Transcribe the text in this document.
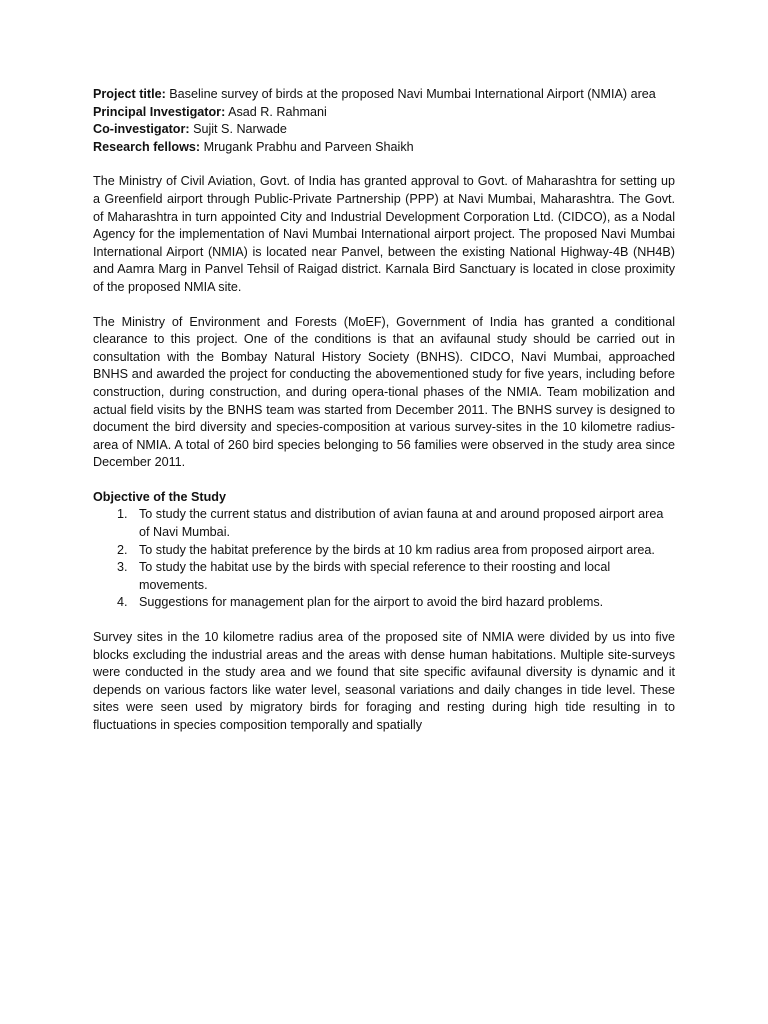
Project title: Baseline survey of birds at the proposed Navi Mumbai International Airport (NMIA) area

Principal Investigator: Asad R. Rahmani

Co-investigator: Sujit S. Narwade

Research fellows: Mrugank Prabhu and Parveen Shaikh

The Ministry of Civil Aviation, Govt. of India has granted approval to Govt. of Maharashtra for setting up a Greenfield airport through Public-Private Partnership (PPP) at Navi Mumbai, Maharashtra. The Govt. of Maharashtra in turn appointed City and Industrial Development Corporation Ltd. (CIDCO), as a Nodal Agency for the implementation of Navi Mumbai International airport project. The proposed Navi Mumbai International Airport (NMIA) is located near Panvel, between the existing National Highway-4B (NH4B) and Aamra Marg in Panvel Tehsil of Raigad district. Karnala Bird Sanctuary is located in close proximity of the proposed NMIA site.

The Ministry of Environment and Forests (MoEF), Government of India has granted a conditional clearance to this project. One of the conditions is that an avifaunal study should be carried out in consultation with the Bombay Natural History Society (BNHS). CIDCO, Navi Mumbai, approached BNHS and awarded the project for conducting the abovementioned study for five years, including before construction, during construction, and during opera-tional phases of the NMIA. Team mobilization and actual field visits by the BNHS team was started from December 2011. The BNHS survey is designed to document the bird diversity and species-composition at various survey-sites in the 10 kilometre radius-area of NMIA. A total of 260 bird species belonging to 56 families were observed in the study area since December 2011.

Objective of the Study
1. To study the current status and distribution of avian fauna at and around proposed airport area of Navi Mumbai.
2. To study the habitat preference by the birds at 10 km radius area from proposed airport area.
3. To study the habitat use by the birds with special reference to their roosting and local movements.
4. Suggestions for management plan for the airport to avoid the bird hazard problems.

Survey sites in the 10 kilometre radius area of the proposed site of NMIA were divided by us into five blocks excluding the industrial areas and the areas with dense human habitations. Multiple site-surveys were conducted in the study area and we found that site specific avifaunal diversity is dynamic and it depends on various factors like water level, seasonal variations and daily changes in tide level. These sites were seen used by migratory birds for foraging and resting during high tide resulting in to fluctuations in species composition temporally and spatially
